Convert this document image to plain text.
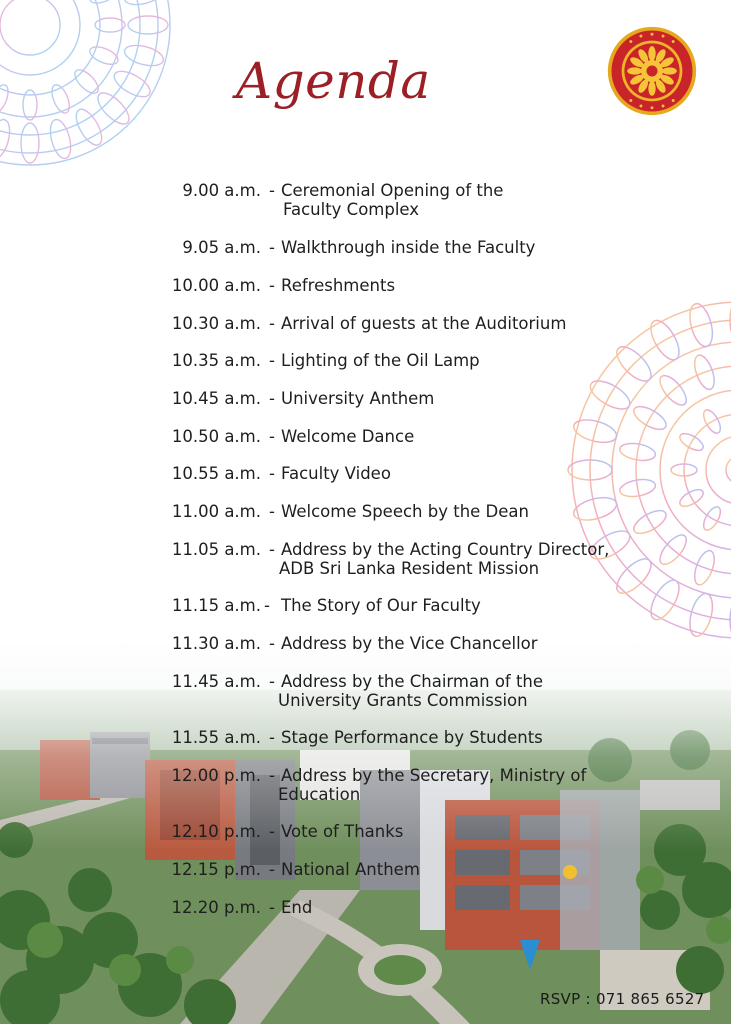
Agenda
9.00 a.m. - Ceremonial Opening of the
Faculty Complex
9.05 a.m. - Walkthrough inside the Faculty
10.00 a.m. - Refreshments
10.30 a.m. - Arrival of guests at the Auditorium
10.35 a.m. - Lighting of the Oil Lamp
10.45 a.m. - University Anthem
10.50 a.m. - Welcome Dance
10.55 a.m. - Faculty Video
11.00 a.m. - Welcome Speech by the Dean
11.05 a.m. - Address by the Acting Country Director,
ADB Sri Lanka Resident Mission
11.15 a.m. - The Story of Our Faculty
11.30 a.m. - Address by the Vice Chancellor
11.45 a.m. - Address by the Chairman of the
University Grants Commission
11.55 a.m. - Stage Performance by Students
12.00 p.m. - Address by the Secretary, Ministry of
Education
12.10 p.m. - Vote of Thanks
12.15 p.m. - National Anthem
12.20 p.m. - End
RSVP : 071 865 6527
